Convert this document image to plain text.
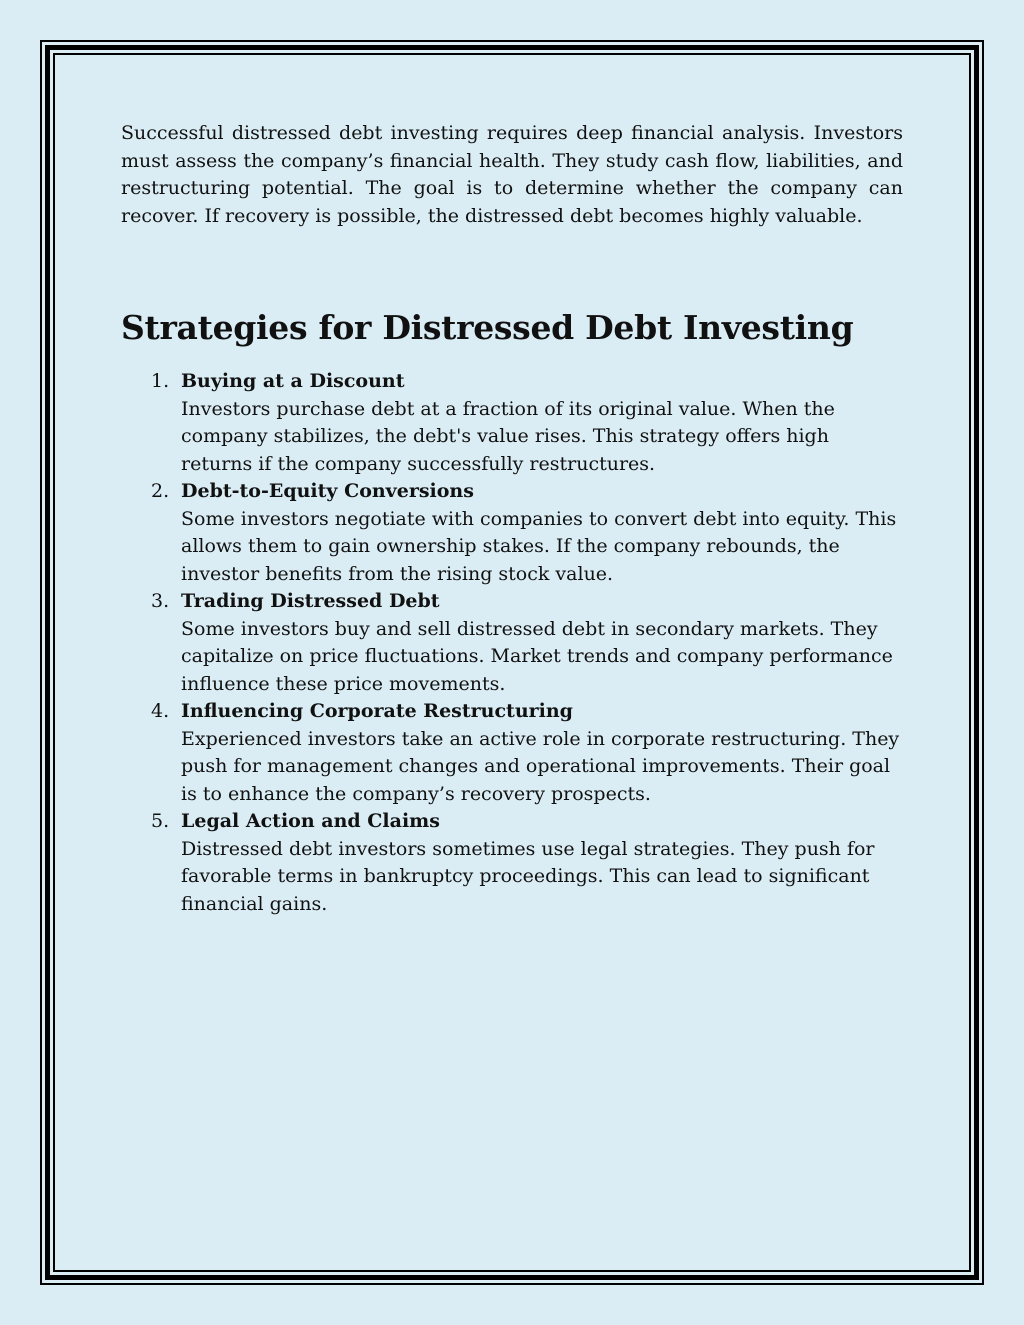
Successful distressed debt investing requires deep financial analysis. Investors must assess the company’s financial health. They study cash flow, liabilities, and restructuring potential. The goal is to determine whether the company can recover. If recovery is possible, the distressed debt becomes highly valuable.

Strategies for Distressed Debt Investing
1. Buying at a Discount
Investors purchase debt at a fraction of its original value. When the company stabilizes, the debt's value rises. This strategy offers high returns if the company successfully restructures.
2. Debt-to-Equity Conversions
Some investors negotiate with companies to convert debt into equity. This allows them to gain ownership stakes. If the company rebounds, the investor benefits from the rising stock value.
3. Trading Distressed Debt
Some investors buy and sell distressed debt in secondary markets. They capitalize on price fluctuations. Market trends and company performance influence these price movements.
4. Influencing Corporate Restructuring
Experienced investors take an active role in corporate restructuring. They push for management changes and operational improvements. Their goal is to enhance the company’s recovery prospects.
5. Legal Action and Claims
Distressed debt investors sometimes use legal strategies. They push for favorable terms in bankruptcy proceedings. This can lead to significant financial gains.
